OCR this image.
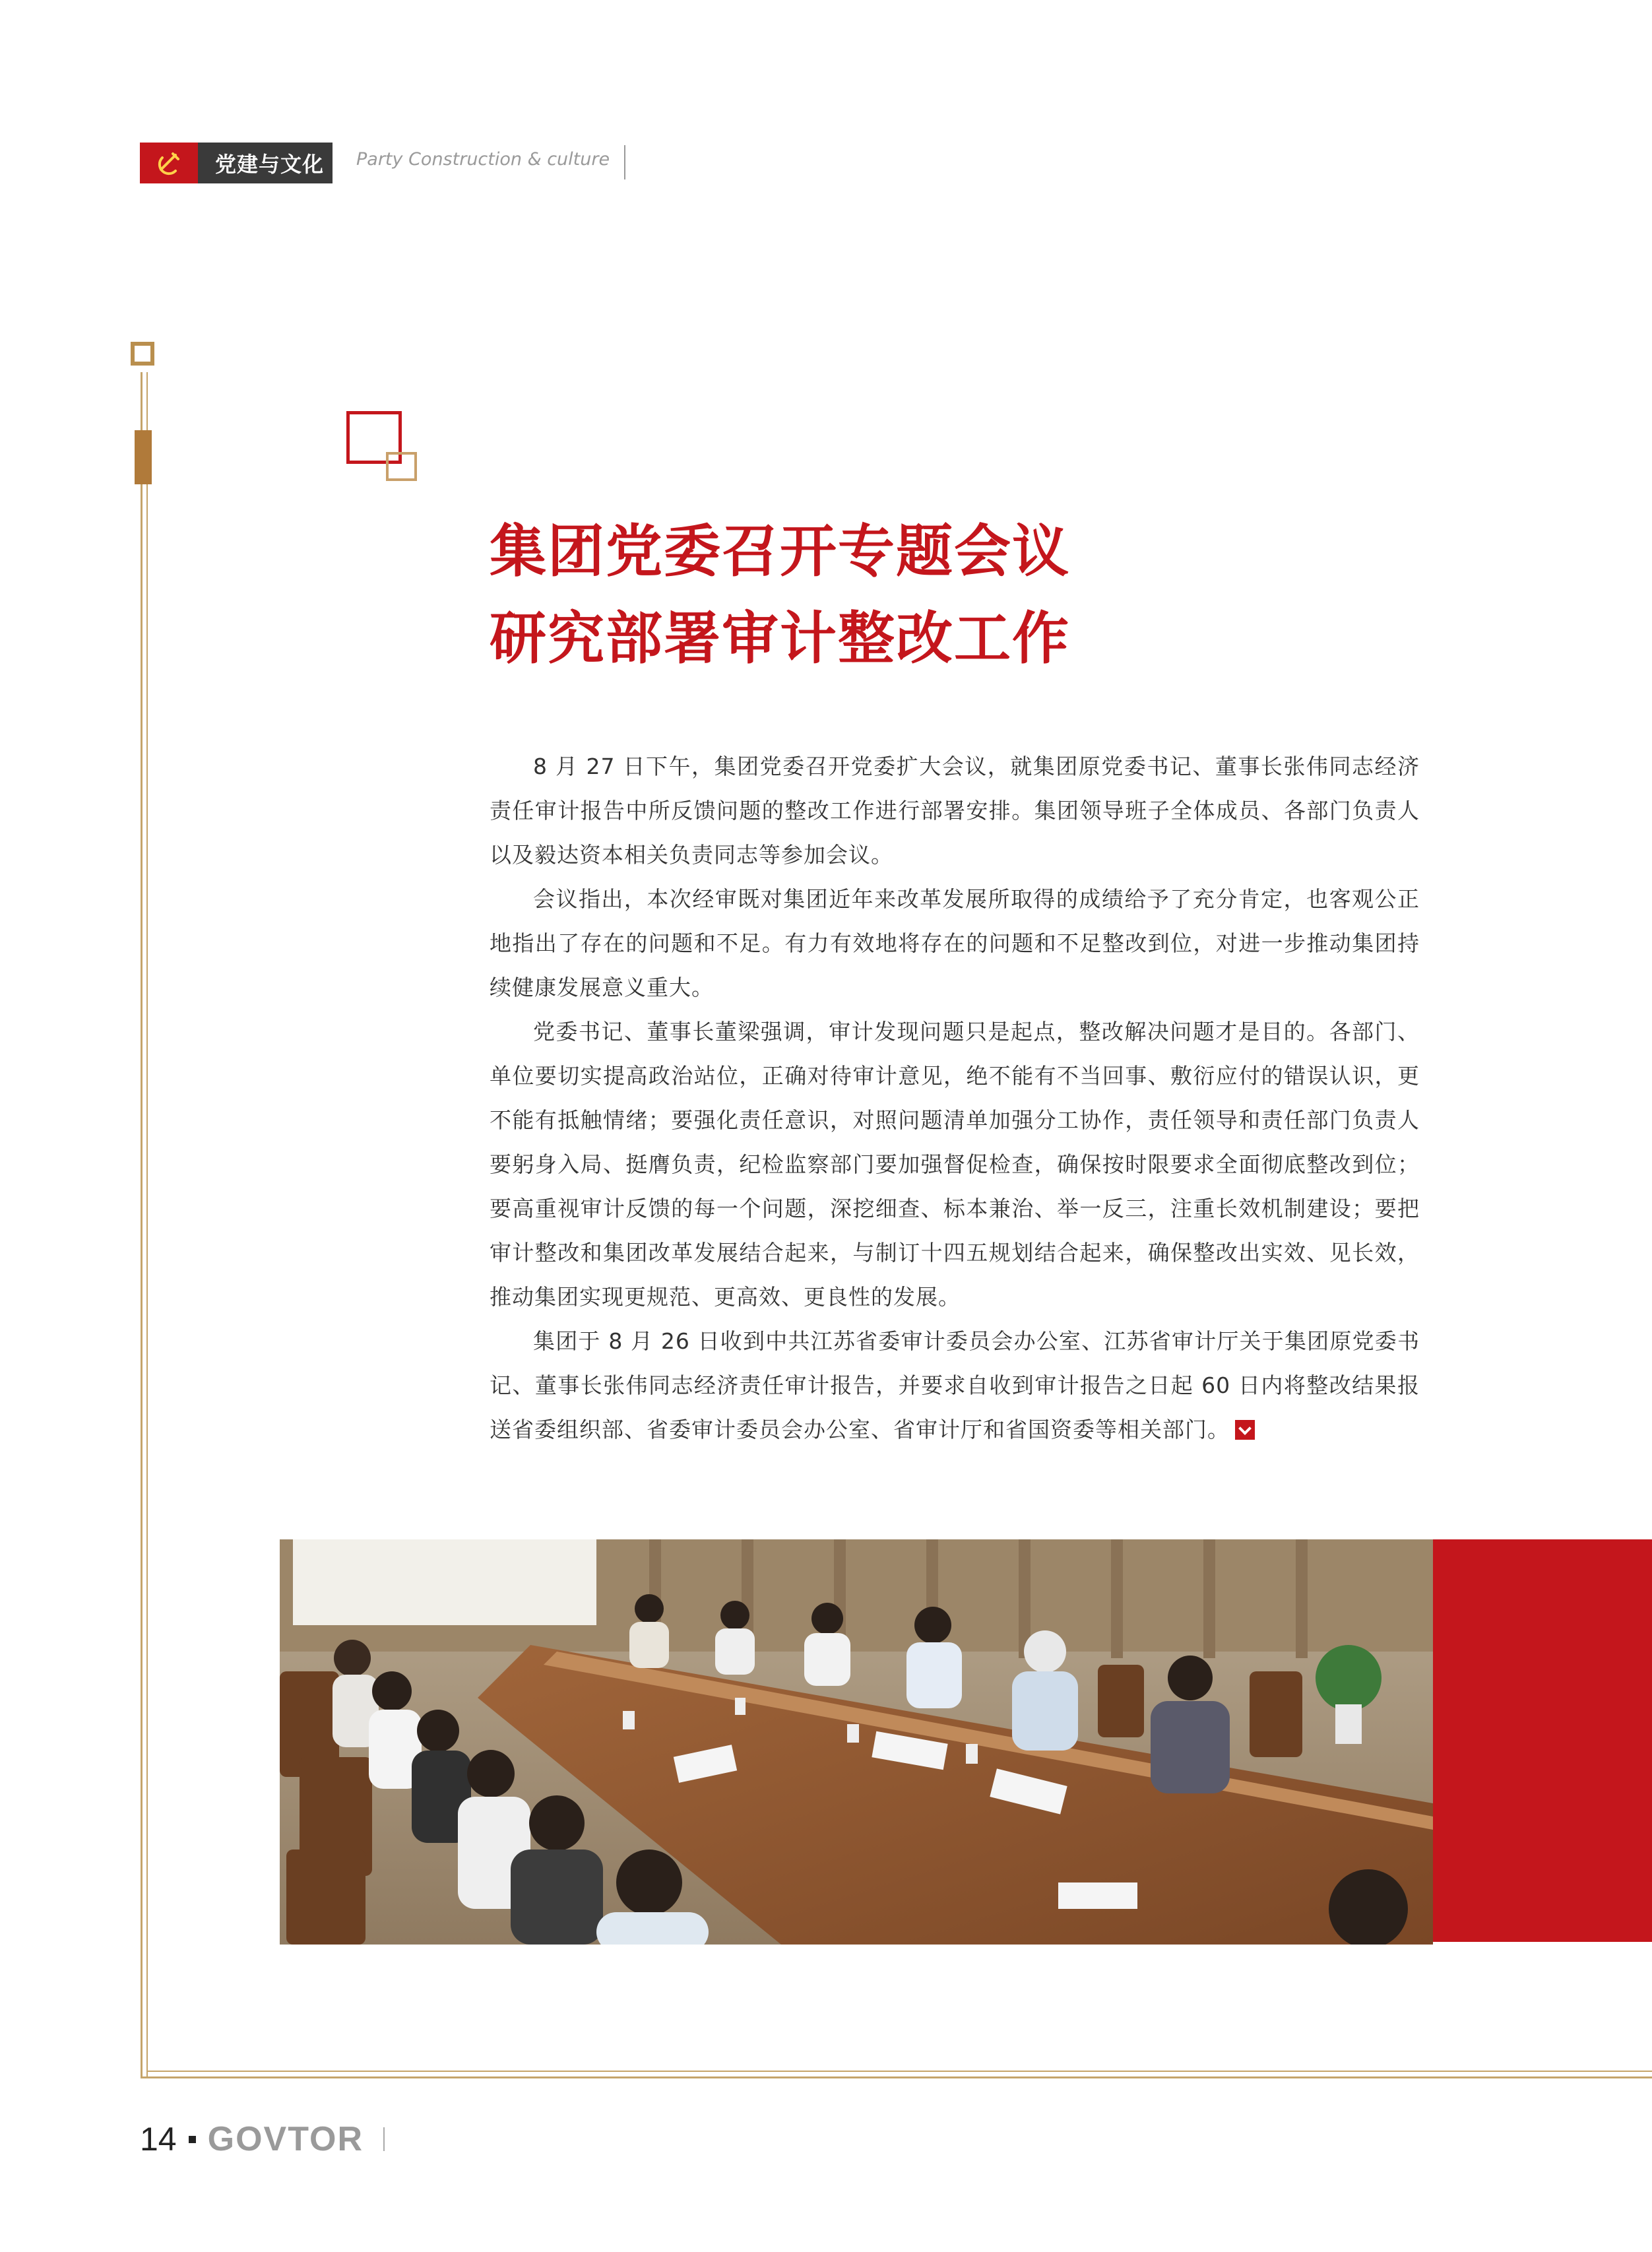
党建与文化 Party Construction & culture
集团党委召开专题会议
研究部署审计整改工作

8 月 27 日下午，集团党委召开党委扩大会议，就集团原党委书记、董事长张伟同志经济责任审计报告中所反馈问题的整改工作进行部署安排。集团领导班子全体成员、各部门负责人以及毅达资本相关负责同志等参加会议。

会议指出，本次经审既对集团近年来改革发展所取得的成绩给予了充分肯定，也客观公正地指出了存在的问题和不足。有力有效地将存在的问题和不足整改到位，对进一步推动集团持续健康发展意义重大。

党委书记、董事长董梁强调，审计发现问题只是起点，整改解决问题才是目的。各部门、单位要切实提高政治站位，正确对待审计意见，绝不能有不当回事、敷衍应付的错误认识，更不能有抵触情绪；要强化责任意识，对照问题清单加强分工协作，责任领导和责任部门负责人要躬身入局、挺膺负责，纪检监察部门要加强督促检查，确保按时限要求全面彻底整改到位；要高重视审计反馈的每一个问题，深挖细查、标本兼治、举一反三，注重长效机制建设；要把审计整改和集团改革发展结合起来，与制订十四五规划结合起来，确保整改出实效、见长效，推动集团实现更规范、更高效、更良性的发展。

集团于 8 月 26 日收到中共江苏省委审计委员会办公室、江苏省审计厅关于集团原党委书记、董事长张伟同志经济责任审计报告，并要求自收到审计报告之日起 60 日内将整改结果报送省委组织部、省委审计委员会办公室、省审计厅和省国资委等相关部门。

14 GOVTOR
